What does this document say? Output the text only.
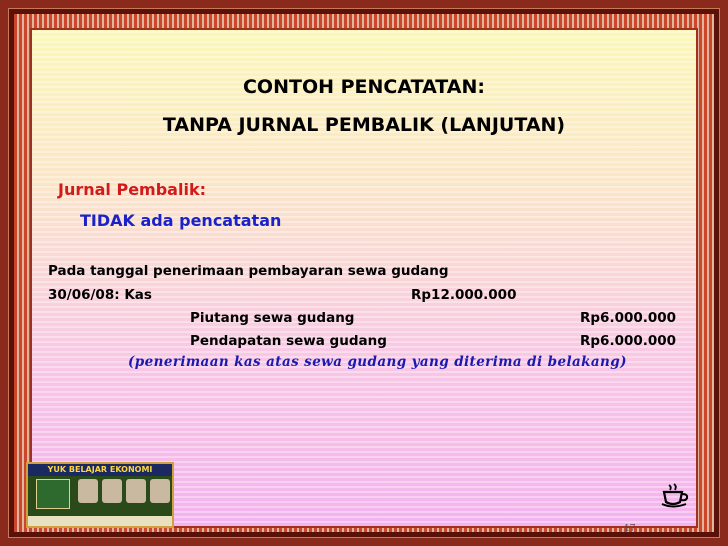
CONTOH PENCATATAN:
TANPA JURNAL PEMBALIK (LANJUTAN)
Jurnal Pembalik:
TIDAK ada pencatatan
Pada tanggal penerimaan pembayaran sewa gudang
30/06/08: Kas	Rp12.000.000
Piutang sewa gudang	Rp6.000.000
Pendapatan sewa gudang	Rp6.000.000
(penerimaan kas atas sewa gudang yang diterima di belakang)
YUK BELAJAR EKONOMI
17
